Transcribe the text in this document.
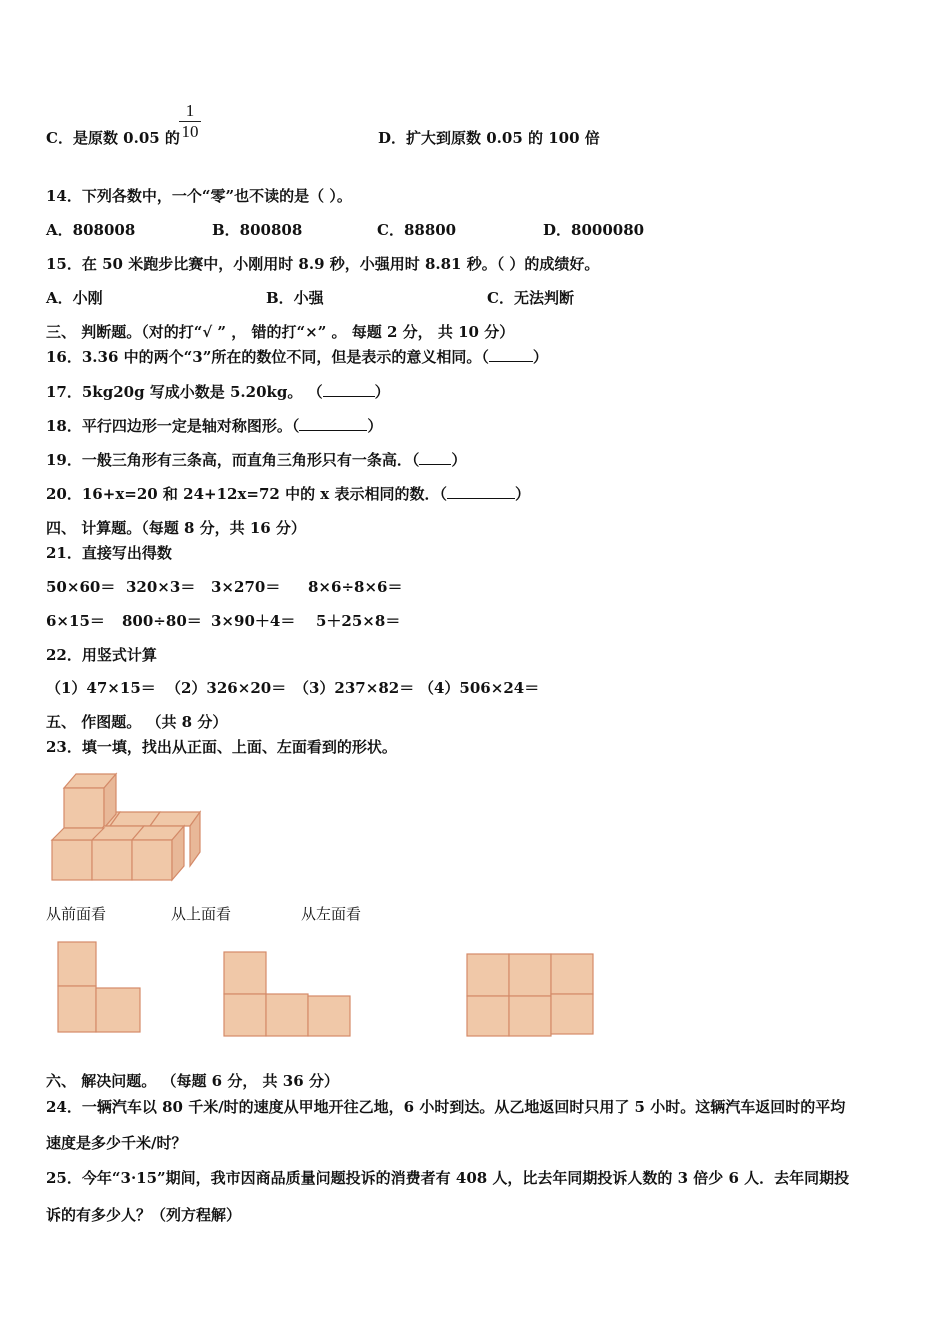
C．是原数 0.05 的
1
10	D．扩大到原数 0.05 的 100 倍
14．下列各数中，一个“零”也不读的是（ ）。
A．808008	B．800808	C．88800	D．8000080
15．在 50 米跑步比赛中，小刚用时 8.9 秒，小强用时 8.81 秒。（ ）的成绩好。
A．小刚	B．小强	C．无法判断
三、 判断题。（对的打“√ ” ， 错的打“×” 。 每题 2 分， 共 10 分）
16．3.36 中的两个“3”所在的数位不同，但是表示的意义相同。（	）
17．5kg20g 写成小数是 5.20kg。 （	）
18．平行四边形一定是轴对称图形。（	）
19．一般三角形有三条高，而直角三角形只有一条高．（ ）
20．16+x=20 和 24+12x=72 中的 x 表示相同的数．（	）
四、 计算题。（每题 8 分，共 16 分）
21．直接写出得数
50×60＝ 320×3＝ 3×270＝ 8×6÷8×6＝
6×15＝ 800÷80＝ 3×90＋4＝ 5＋25×8＝
22．用竖式计算
（1）47×15＝ （2）326×20＝ （3）237×82＝ （4）506×24＝
五、 作图题。 （共 8 分）
23．填一填，找出从正面、上面、左面看到的形状。
从前面看	从上面看	从左面看
六、 解决问题。 （每题 6 分， 共 36 分）
24．一辆汽车以 80 千米/时的速度从甲地开往乙地，6 小时到达。从乙地返回时只用了 5 小时。这辆汽车返回时的平均
速度是多少千米/时？
25．今年“3·15”期间，我市因商品质量问题投诉的消费者有 408 人，比去年同期投诉人数的 3 倍少 6 人．去年同期投
诉的有多少人？（列方程解）
